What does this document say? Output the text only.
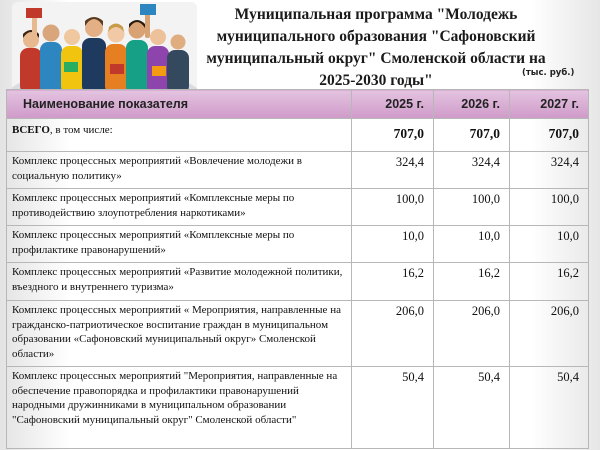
Муниципальная программа "Молодежь
муниципального образования "Сафоновский
муниципальный округ" Смоленской области на
2025-2030 годы"	(тыс. руб.)
Наименование показателя	2025 г.	2026 г.	2027 г.
ВСЕГО, в том числе:	707,0	707,0	707,0
Комплекс процессных мероприятий «Вовлечение молодежи в социальную политику»	324,4	324,4	324,4
Комплекс процессных мероприятий «Комплексные меры по противодействию злоупотребления наркотиками»	100,0	100,0	100,0
Комплекс процессных мероприятий «Комплексные меры по профилактике правонарушений»	10,0	10,0	10,0
Комплекс процессных мероприятий «Развитие молодежной политики, въездного и внутреннего туризма»	16,2	16,2	16,2
Комплекс процессных мероприятий « Мероприятия, направленные на гражданско-патриотическое воспитание граждан в муниципальном образовании «Сафоновский муниципальный округ» Смоленской области»	206,0	206,0	206,0
Комплекс процессных мероприятий "Мероприятия, направленные на обеспечение правопорядка и профилактики правонарушений народными дружинниками в муниципальном образовании "Сафоновский муниципальный округ" Смоленской области"	50,4	50,4	50,4
